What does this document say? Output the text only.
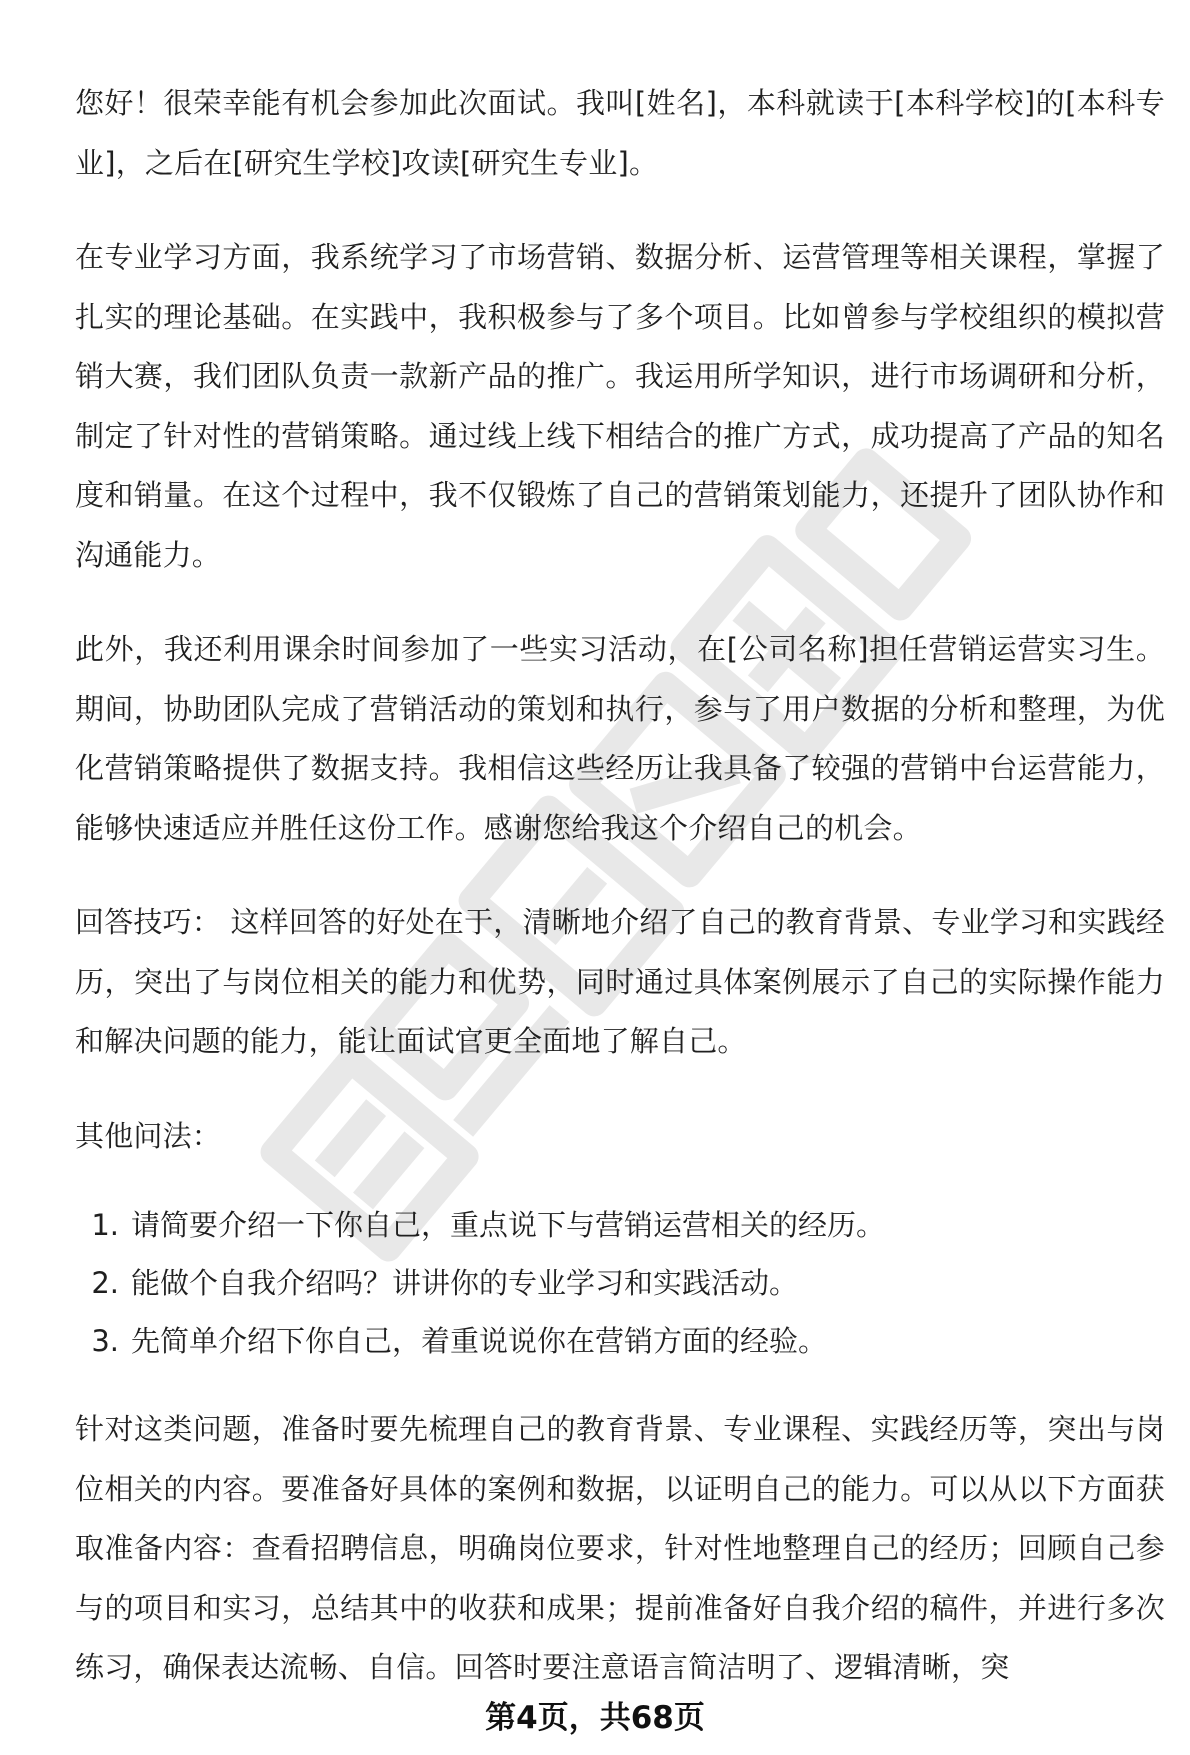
您好！很荣幸能有机会参加此次面试。我叫[姓名]，本科就读于[本科学校]的[本科专业]，之后在[研究生学校]攻读[研究生专业]。

在专业学习方面，我系统学习了市场营销、数据分析、运营管理等相关课程，掌握了扎实的理论基础。在实践中，我积极参与了多个项目。比如曾参与学校组织的模拟营销大赛，我们团队负责一款新产品的推广。我运用所学知识，进行市场调研和分析，制定了针对性的营销策略。通过线上线下相结合的推广方式，成功提高了产品的知名度和销量。在这个过程中，我不仅锻炼了自己的营销策划能力，还提升了团队协作和沟通能力。

此外，我还利用课余时间参加了一些实习活动，在[公司名称]担任营销运营实习生。期间，协助团队完成了营销活动的策划和执行，参与了用户数据的分析和整理，为优化营销策略提供了数据支持。我相信这些经历让我具备了较强的营销中台运营能力，能够快速适应并胜任这份工作。感谢您给我这个介绍自己的机会。

回答技巧： 这样回答的好处在于，清晰地介绍了自己的教育背景、专业学习和实践经历，突出了与岗位相关的能力和优势，同时通过具体案例展示了自己的实际操作能力和解决问题的能力，能让面试官更全面地了解自己。

其他问法：

1. 请简要介绍一下你自己，重点说下与营销运营相关的经历。
2. 能做个自我介绍吗？讲讲你的专业学习和实践活动。
3. 先简单介绍下你自己，着重说说你在营销方面的经验。

针对这类问题，准备时要先梳理自己的教育背景、专业课程、实践经历等，突出与岗位相关的内容。要准备好具体的案例和数据，以证明自己的能力。可以从以下方面获取准备内容：查看招聘信息，明确岗位要求，针对性地整理自己的经历；回顾自己参与的项目和实习，总结其中的收获和成果；提前准备好自我介绍的稿件，并进行多次练习，确保表达流畅、自信。回答时要注意语言简洁明了、逻辑清晰，突

第4页，共68页
